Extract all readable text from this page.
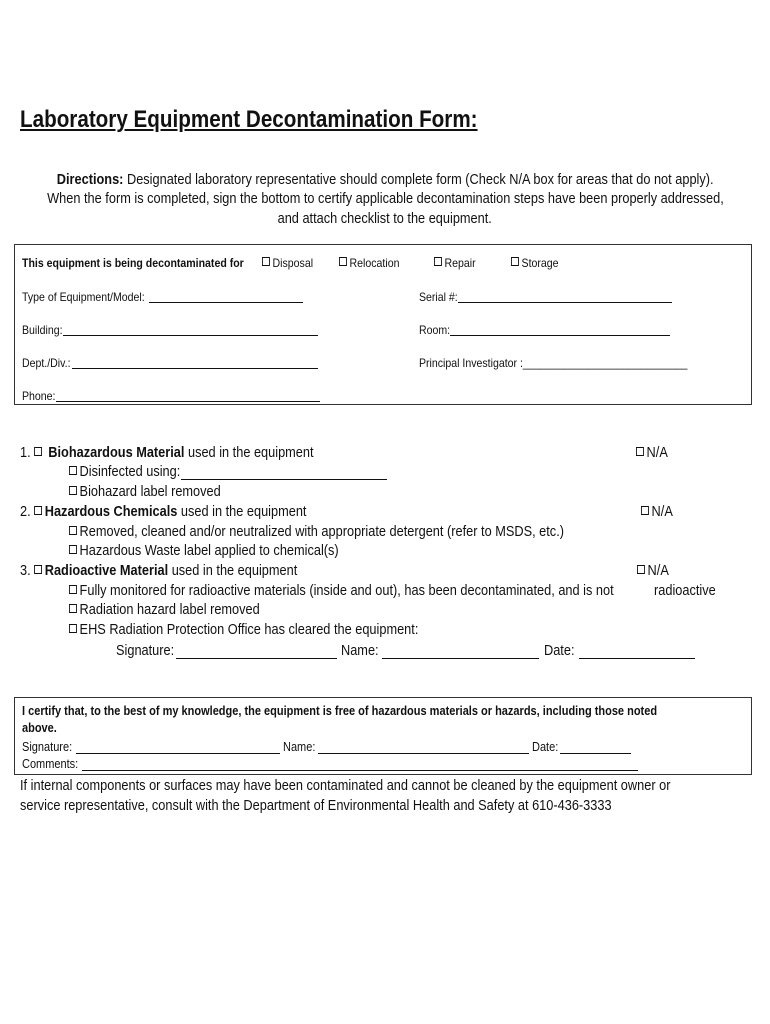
Laboratory Equipment Decontamination Form:
Directions: Designated laboratory representative should complete form (Check N/A box for areas that do not apply).
When the form is completed, sign the bottom to certify applicable decontamination steps have been properly addressed,
and attach checklist to the equipment.
This equipment is being decontaminated for	Disposal	Relocation	Repair	Storage
Type of Equipment/Model:	Serial #:
Building:	Room:
Dept./Div.:	Principal Investigator :____________________________
Phone:
1. Biohazardous Material used in the equipment	N/A
Disinfected using:
Biohazard label removed
2. Hazardous Chemicals used in the equipment	N/A
Removed, cleaned and/or neutralized with appropriate detergent (refer to MSDS, etc.)
Hazardous Waste label applied to chemical(s)
3. Radioactive Material used in the equipment	N/A
Fully monitored for radioactive materials (inside and out), has been decontaminated, and is not	radioactive
Radiation hazard label removed
EHS Radiation Protection Office has cleared the equipment:
Signature:	Name:	Date:
I certify that, to the best of my knowledge, the equipment is free of hazardous materials or hazards, including those noted
above.
Signature:	Name:	Date:
Comments:
If internal components or surfaces may have been contaminated and cannot be cleaned by the equipment owner or
service representative, consult with the Department of Environmental Health and Safety at 610-436-3333
